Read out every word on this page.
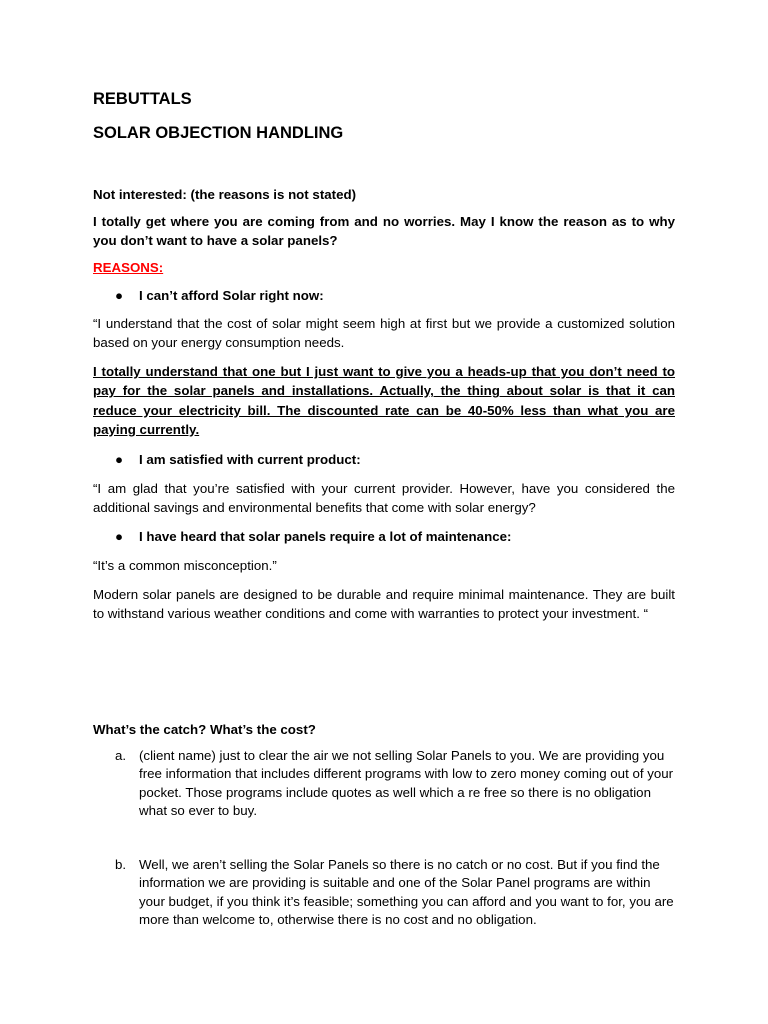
REBUTTALS
SOLAR OBJECTION HANDLING
Not interested: (the reasons is not stated)
I totally get where you are coming from and no worries. May I know the reason as to why you don’t want to have a solar panels?
REASONS:
● I can’t afford Solar right now:
“I understand that the cost of solar might seem high at first but we provide a customized solution based on your energy consumption needs.
I totally understand that one but I just want to give you a heads-up that you don’t need to pay for the solar panels and installations. Actually, the thing about solar is that it can reduce your electricity bill. The discounted rate can be 40-50% less than what you are paying currently.
● I am satisfied with current product:
“I am glad that you’re satisfied with your current provider. However, have you considered the additional savings and environmental benefits that come with solar energy?
● I have heard that solar panels require a lot of maintenance:
“It’s a common misconception.”
Modern solar panels are designed to be durable and require minimal maintenance. They are built to withstand various weather conditions and come with warranties to protect your investment. “
What’s the catch? What’s the cost?
a. (client name) just to clear the air we not selling Solar Panels to you. We are providing you free information that includes different programs with low to zero money coming out of your pocket. Those programs include quotes as well which a re free so there is no obligation what so ever to buy.
b. Well, we aren’t selling the Solar Panels so there is no catch or no cost. But if you find the information we are providing is suitable and one of the Solar Panel programs are within your budget, if you think it’s feasible; something you can afford and you want to for, you are more than welcome to, otherwise there is no cost and no obligation.
